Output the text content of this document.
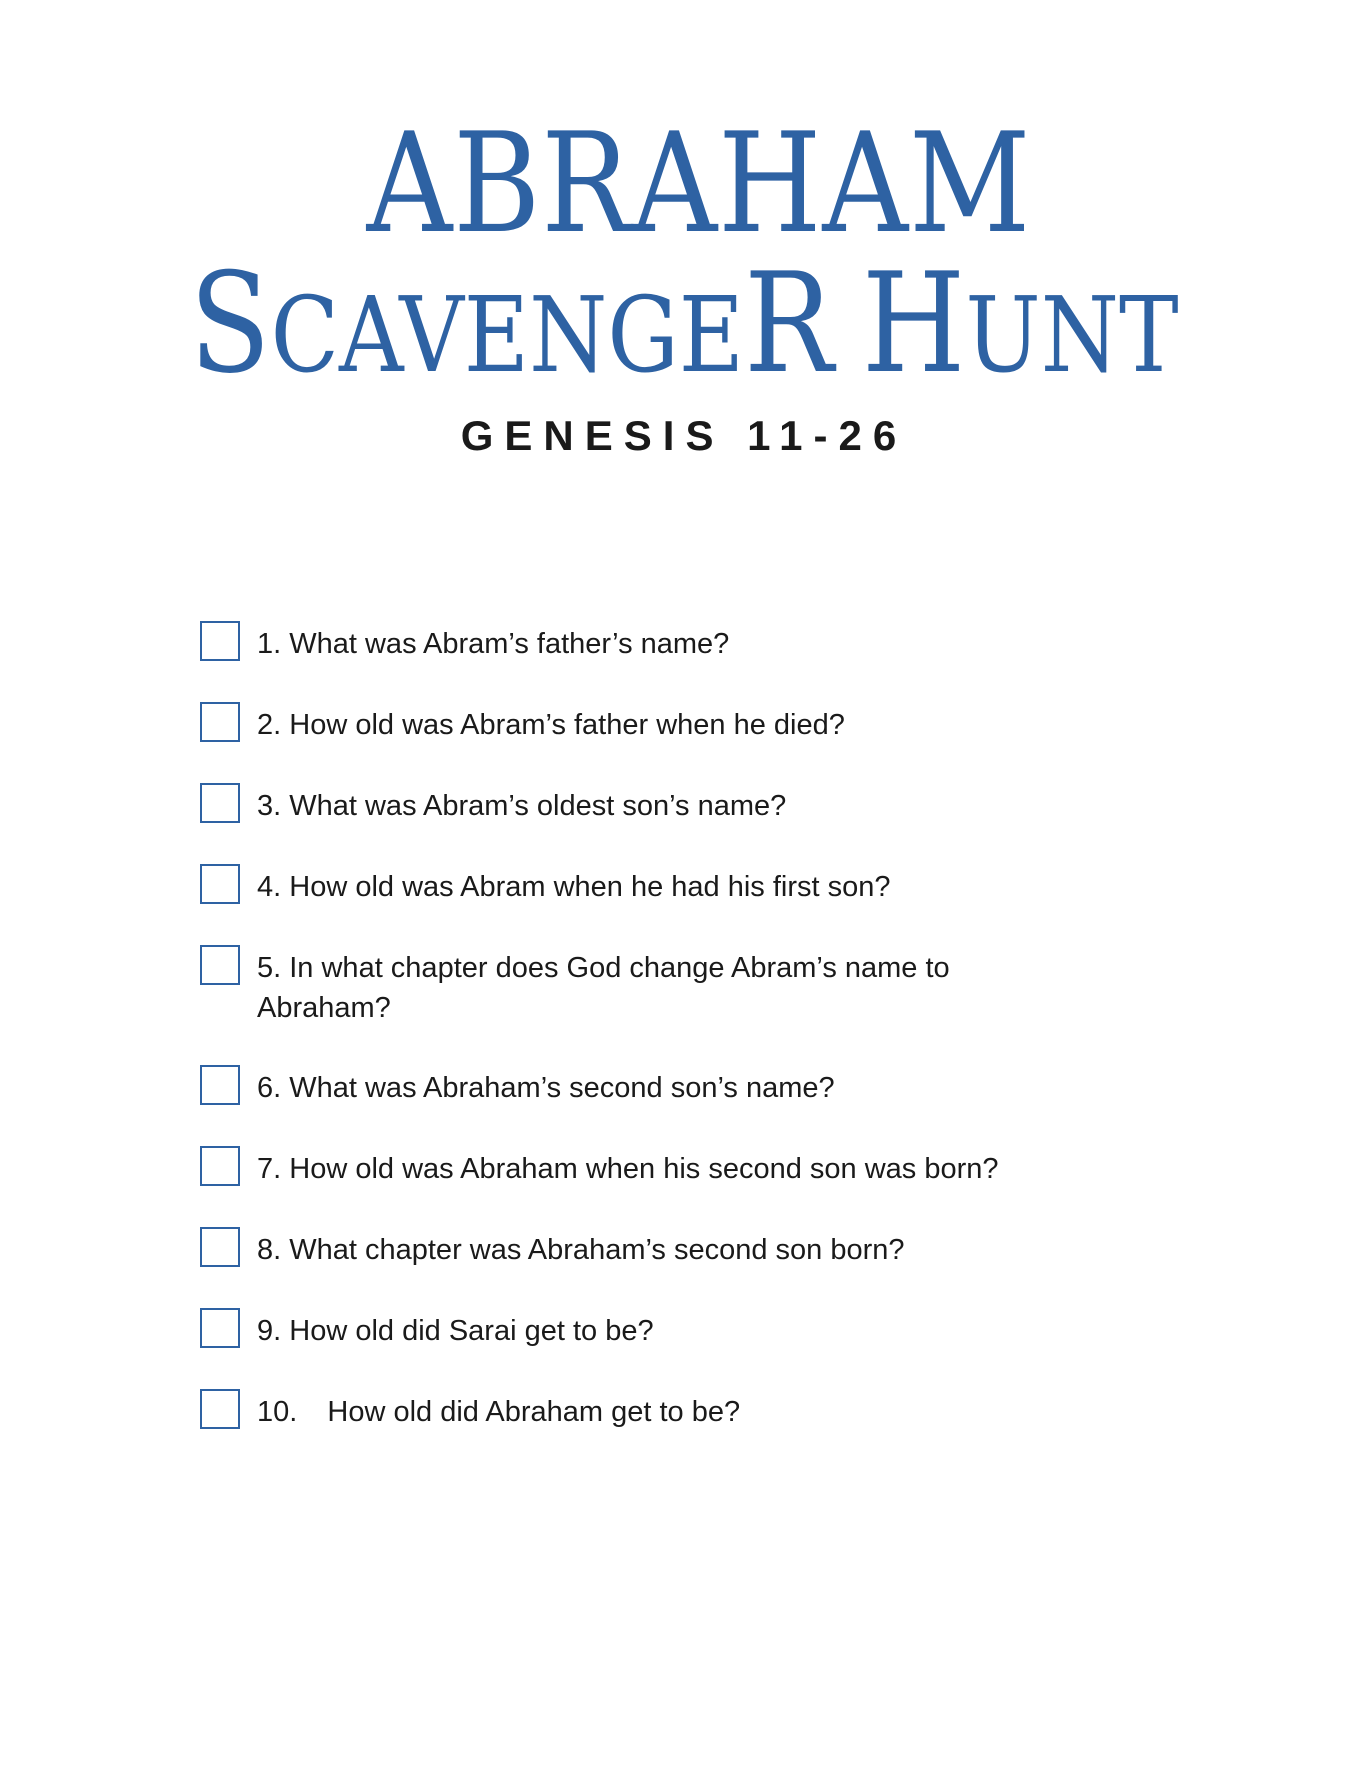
ABRAHAM
SCAVENGER HUNT
GENESIS 11-26
1. What was Abram’s father’s name?
2. How old was Abram’s father when he died?
3. What was Abram’s oldest son’s name?
4. How old was Abram when he had his first son?
5. In what chapter does God change Abram’s name to Abraham?
6. What was Abraham’s second son’s name?
7. How old was Abraham when his second son was born?
8. What chapter was Abraham’s second son born?
9. How old did Sarai get to be?
10. How old did Abraham get to be?
